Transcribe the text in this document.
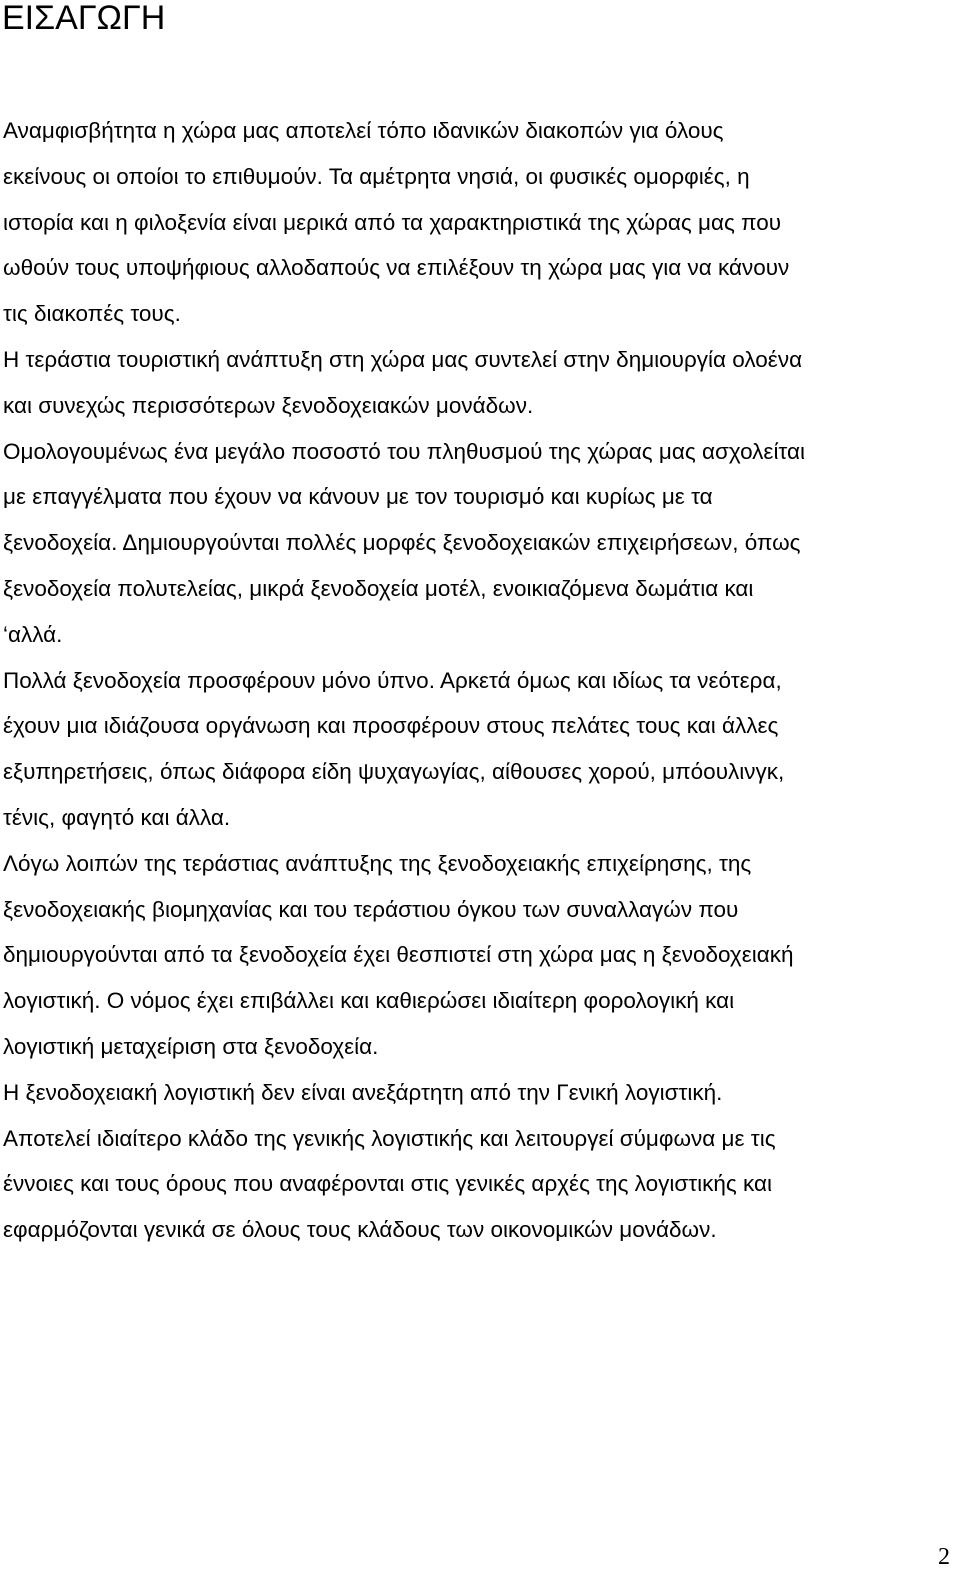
ΕΙΣΑΓΩΓΗ
Αναμφισβήτητα η χώρα μας αποτελεί τόπο ιδανικών διακοπών για όλους
εκείνους οι οποίοι το επιθυμούν. Τα αμέτρητα νησιά, οι φυσικές ομορφιές, η
ιστορία και η φιλοξενία είναι μερικά από τα χαρακτηριστικά της χώρας μας που
ωθούν τους υποψήφιους αλλοδαπούς να επιλέξουν τη χώρα μας για να κάνουν
τις διακοπές τους.
Η τεράστια τουριστική ανάπτυξη στη χώρα μας συντελεί στην δημιουργία ολοένα
και συνεχώς περισσότερων ξενοδοχειακών μονάδων.
Ομολογουμένως ένα μεγάλο ποσοστό του πληθυσμού της χώρας μας ασχολείται
με επαγγέλματα που έχουν να κάνουν με τον τουρισμό και κυρίως με τα
ξενοδοχεία. Δημιουργούνται πολλές μορφές ξενοδοχειακών επιχειρήσεων, όπως
ξενοδοχεία πολυτελείας, μικρά ξενοδοχεία μοτέλ, ενοικιαζόμενα δωμάτια και
‘αλλά.
Πολλά ξενοδοχεία προσφέρουν μόνο ύπνο. Αρκετά όμως και ιδίως τα νεότερα,
έχουν μια ιδιάζουσα οργάνωση και προσφέρουν στους πελάτες τους και άλλες
εξυπηρετήσεις, όπως διάφορα είδη ψυχαγωγίας, αίθουσες χορού, μπόουλινγκ,
τένις, φαγητό και άλλα.
Λόγω λοιπών της τεράστιας ανάπτυξης της ξενοδοχειακής επιχείρησης, της
ξενοδοχειακής βιομηχανίας και του τεράστιου όγκου των συναλλαγών που
δημιουργούνται από τα ξενοδοχεία έχει θεσπιστεί στη χώρα μας η ξενοδοχειακή
λογιστική. Ο νόμος έχει επιβάλλει και καθιερώσει ιδιαίτερη φορολογική και
λογιστική μεταχείριση στα ξενοδοχεία.
Η ξενοδοχειακή λογιστική δεν είναι ανεξάρτητη από την Γενική λογιστική.
Αποτελεί ιδιαίτερο κλάδο της γενικής λογιστικής και λειτουργεί σύμφωνα με τις
έννοιες και τους όρους που αναφέρονται στις γενικές αρχές της λογιστικής και
εφαρμόζονται γενικά σε όλους τους κλάδους των οικονομικών μονάδων.
2
